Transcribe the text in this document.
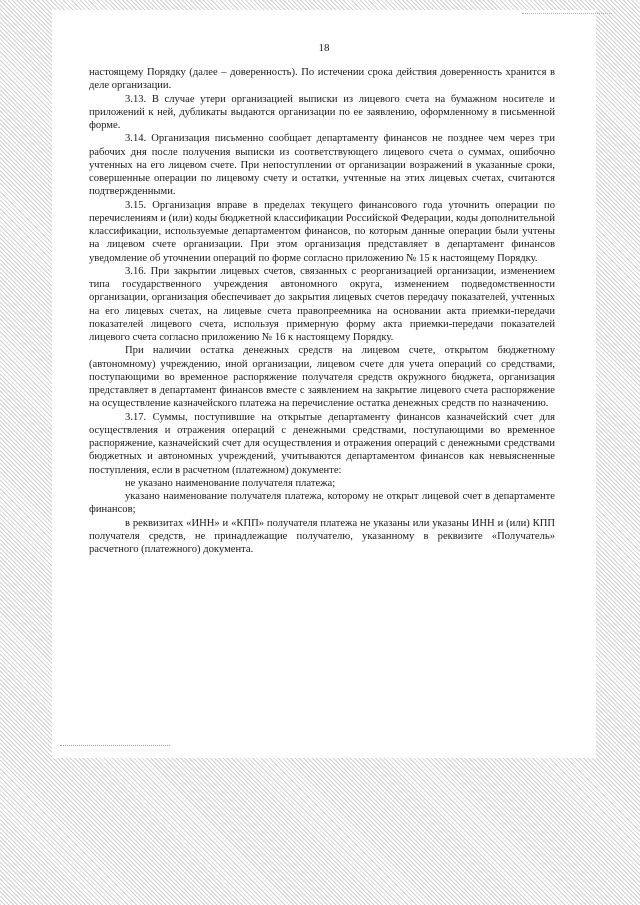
18

настоящему Порядку (далее – доверенность). По истечении срока действия доверенность хранится в деле организации.

3.13. В случае утери организацией выписки из лицевого счета на бумажном носителе и приложений к ней, дубликаты выдаются организации по ее заявлению, оформленному в письменной форме.

3.14. Организация письменно сообщает департаменту финансов не позднее чем через три рабочих дня после получения выписки из соответствующего лицевого счета о суммах, ошибочно учтенных на его лицевом счете. При непоступлении от организации возражений в указанные сроки, совершенные операции по лицевому счету и остатки, учтенные на этих лицевых счетах, считаются подтвержденными.

3.15. Организация вправе в пределах текущего финансового года уточнить операции по перечислениям и (или) коды бюджетной классификации Российской Федерации, коды дополнительной классификации, используемые департаментом финансов, по которым данные операции были учтены на лицевом счете организации. При этом организация представляет в департамент финансов уведомление об уточнении операций по форме согласно приложению № 15 к настоящему Порядку.

3.16. При закрытии лицевых счетов, связанных с реорганизацией организации, изменением типа государственного учреждения автономного округа, изменением подведомственности организации, организация обеспечивает до закрытия лицевых счетов передачу показателей, учтенных на его лицевых счетах, на лицевые счета правопреемника на основании акта приемки-передачи показателей лицевого счета, используя примерную форму акта приемки-передачи показателей лицевого счета согласно приложению № 16 к настоящему Порядку.

При наличии остатка денежных средств на лицевом счете, открытом бюджетному (автономному) учреждению, иной организации, лицевом счете для учета операций со средствами, поступающими во временное распоряжение получателя средств окружного бюджета, организация представляет в департамент финансов вместе с заявлением на закрытие лицевого счета распоряжение на осуществление казначейского платежа на перечисление остатка денежных средств по назначению.

3.17. Суммы, поступившие на открытые департаменту финансов казначейский счет для осуществления и отражения операций с денежными средствами, поступающими во временное распоряжение, казначейский счет для осуществления и отражения операций с денежными средствами бюджетных и автономных учреждений, учитываются департаментом финансов как невыясненные поступления, если в расчетном (платежном) документе:

не указано наименование получателя платежа;

указано наименование получателя платежа, которому не открыт лицевой счет в департаменте финансов;

в реквизитах «ИНН» и «КПП» получателя платежа не указаны или указаны ИНН и (или) КПП получателя средств, не принадлежащие получателю, указанному в реквизите «Получатель» расчетного (платежного) документа.
